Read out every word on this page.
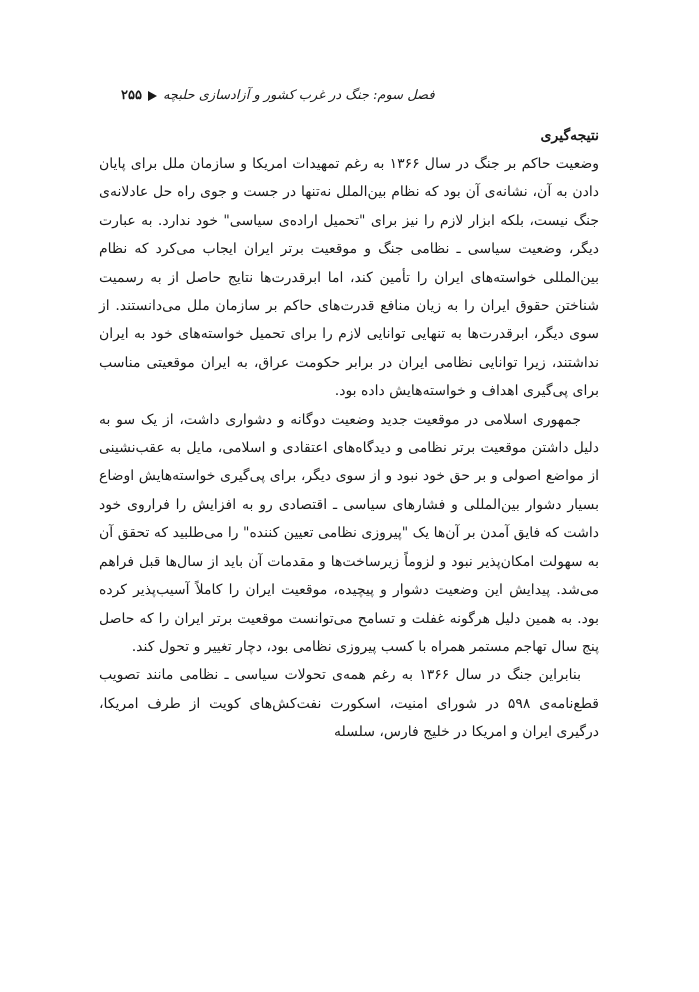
فصل سوم: جنگ در غرب کشور و آزادسازی حلبچه
۲۵۵
نتیجه‌گیری

وضعیت حاکم بر جنگ در سال ۱۳۶۶ به رغم تمهیدات امریکا و سازمان ملل برای پایان دادن به آن، نشانه‌ی آن بود که نظام بین‌الملل نه‌تنها در جست و جوی راه حل عادلانه‌ی جنگ نیست، بلکه ابزار لازم را نیز برای "تحمیل اراده‌ی سیاسی" خود ندارد. به عبارت دیگر، وضعیت سیاسی ـ نظامی جنگ و موقعیت برتر ایران ایجاب می‌کرد که نظام بین‌المللی خواسته‌های ایران را تأمین کند، اما ابرقدرت‌ها نتایج حاصل از به رسمیت شناختن حقوق ایران را به زیان منافع قدرت‌های حاکم بر سازمان ملل می‌دانستند. از سوی دیگر، ابرقدرت‌ها به تنهایی توانایی لازم را برای تحمیل خواسته‌های خود به ایران نداشتند، زیرا توانایی نظامی ایران در برابر حکومت عراق، به ایران موقعیتی مناسب برای پی‌گیری اهداف و خواسته‌هایش داده بود.

جمهوری اسلامی در موقعیت جدید وضعیت دوگانه و دشواری داشت، از یک سو به دلیل داشتن موقعیت برتر نظامی و دیدگاه‌های اعتقادی و اسلامی، مایل به عقب‌نشینی از مواضع اصولی و بر حق خود نبود و از سوی دیگر، برای پی‌گیری خواسته‌هایش اوضاع بسیار دشوار بین‌المللی و فشارهای سیاسی ـ اقتصادی رو به افزایش را فراروی خود داشت که فایق آمدن بر آن‌ها یک "پیروزی نظامی تعیین کننده" را می‌طلبید که تحقق آن به سهولت امکان‌پذیر نبود و لزوماً زیرساخت‌ها و مقدمات آن باید از سال‌ها قبل فراهم می‌شد. پیدایش این وضعیت دشوار و پیچیده، موقعیت ایران را کاملاً آسیب‌پذیر کرده بود. به همین دلیل هرگونه غفلت و تسامح می‌توانست موقعیت برتر ایران را که حاصل پنج سال تهاجم مستمر همراه با کسب پیروزی نظامی بود، دچار تغییر و تحول کند.

بنابراین جنگ در سال ۱۳۶۶ به رغم همه‌ی تحولات سیاسی ـ نظامی مانند تصویب قطع‌نامه‌ی ۵۹۸ در شورای امنیت، اسکورت نفت‌کش‌های کویت از طرف امریکا، درگیری ایران و امریکا در خلیج فارس، سلسله
